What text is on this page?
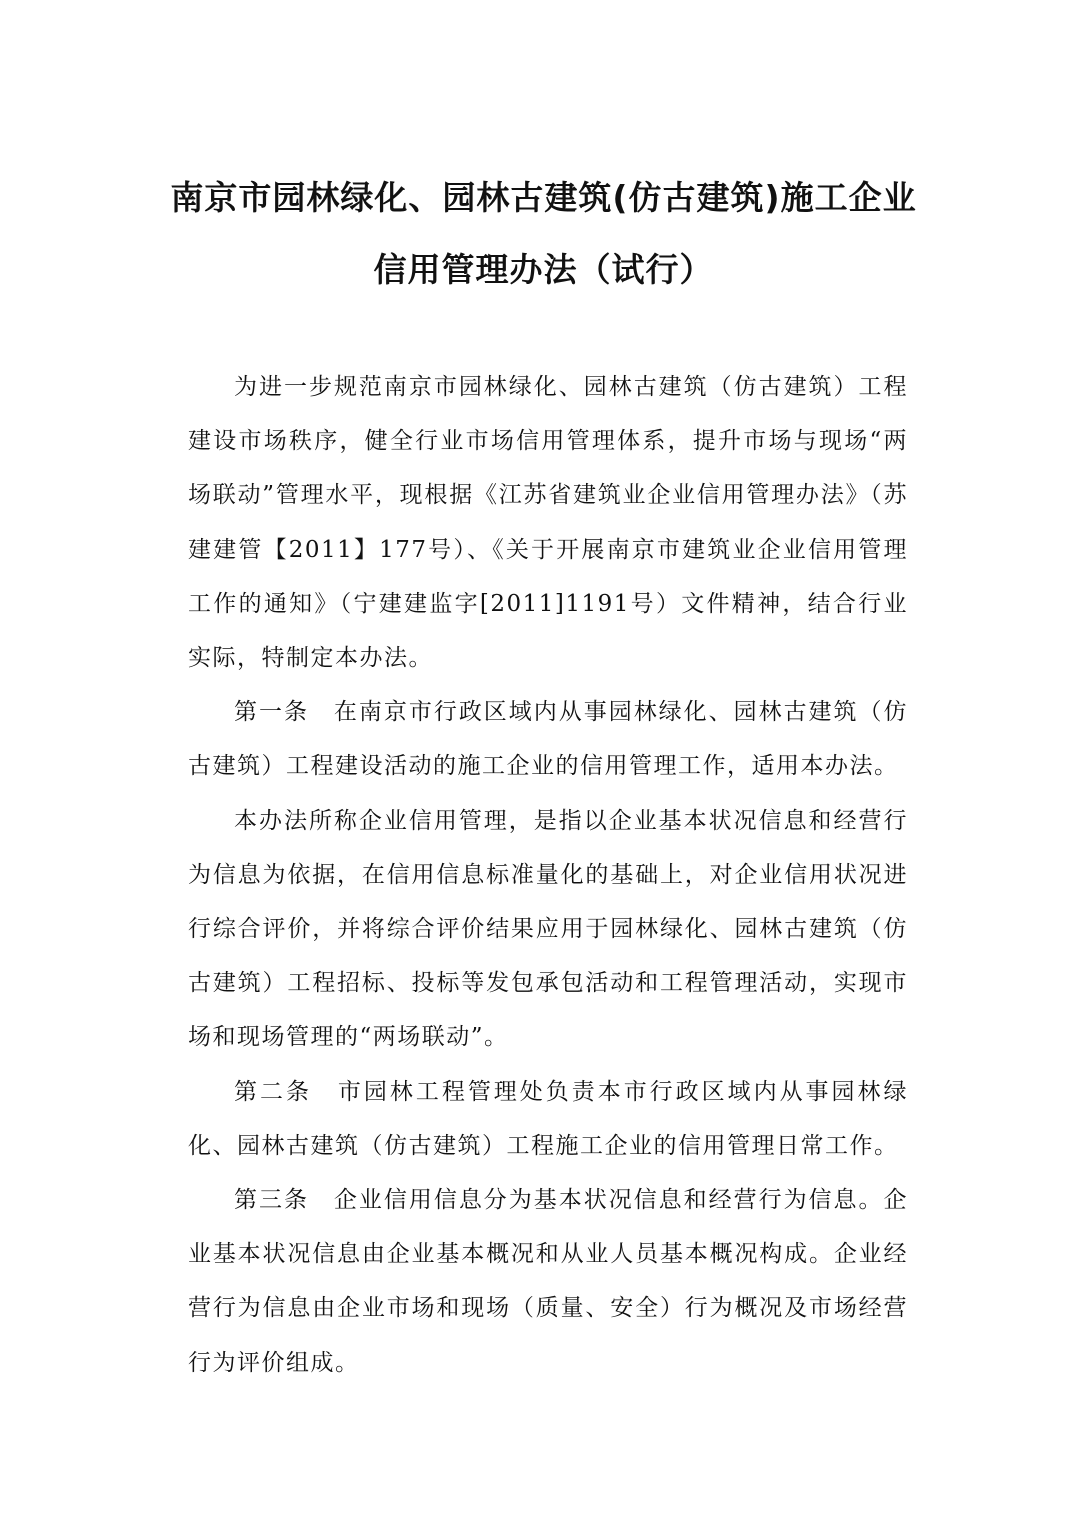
南京市园林绿化、园林古建筑(仿古建筑)施工企业
信用管理办法（试行）

为进一步规范南京市园林绿化、园林古建筑（仿古建筑）工程建设市场秩序，健全行业市场信用管理体系，提升市场与现场“两场联动”管理水平，现根据《江苏省建筑业企业信用管理办法》（苏建建管【2011】177号）、《关于开展南京市建筑业企业信用管理工作的通知》（宁建建监字[2011]1191号）文件精神，结合行业实际，特制定本办法。

第一条　在南京市行政区域内从事园林绿化、园林古建筑（仿古建筑）工程建设活动的施工企业的信用管理工作，适用本办法。

本办法所称企业信用管理，是指以企业基本状况信息和经营行为信息为依据，在信用信息标准量化的基础上，对企业信用状况进行综合评价，并将综合评价结果应用于园林绿化、园林古建筑（仿古建筑）工程招标、投标等发包承包活动和工程管理活动，实现市场和现场管理的“两场联动”。

第二条　市园林工程管理处负责本市行政区域内从事园林绿化、园林古建筑（仿古建筑）工程施工企业的信用管理日常工作。

第三条　企业信用信息分为基本状况信息和经营行为信息。企业基本状况信息由企业基本概况和从业人员基本概况构成。企业经营行为信息由企业市场和现场（质量、安全）行为概况及市场经营行为评价组成。
